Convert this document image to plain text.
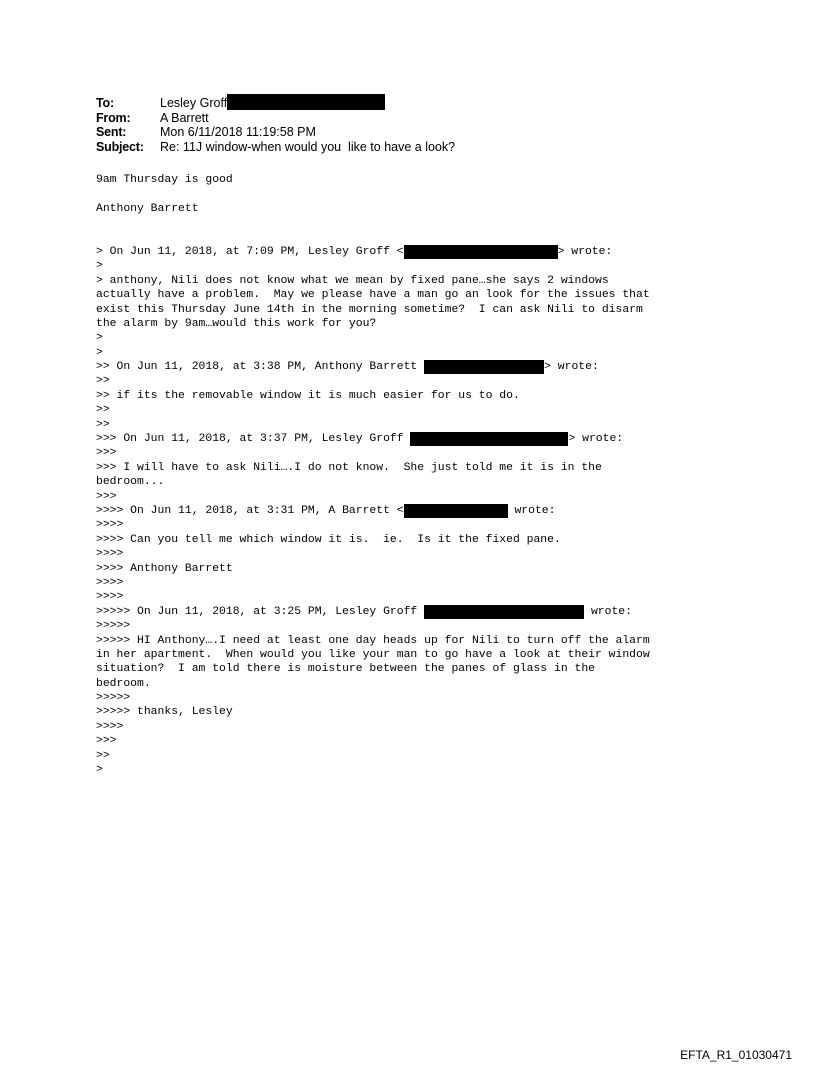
To:	Lesley Groff
From:	A Barrett
Sent:	Mon 6/11/2018 11:19:58 PM
Subject:	Re: 11J window-when would you  like to have a look?
9am Thursday is good
Anthony Barrett
> On Jun 11, 2018, at 7:09 PM, Lesley Groff <	> wrote:
>
> anthony, Nili does not know what we mean by fixed pane…she says 2 windows
actually have a problem.  May we please have a man go an look for the issues that
exist this Thursday June 14th in the morning sometime?  I can ask Nili to disarm
the alarm by 9am…would this work for you?
>
>
>> On Jun 11, 2018, at 3:38 PM, Anthony Barrett	> wrote:
>>
>> if its the removable window it is much easier for us to do.
>>
>>
>>> On Jun 11, 2018, at 3:37 PM, Lesley Groff	> wrote:
>>>
>>> I will have to ask Nili….I do not know.  She just told me it is in the
bedroom...
>>>
>>>> On Jun 11, 2018, at 3:31 PM, A Barrett <	wrote:
>>>>
>>>> Can you tell me which window it is.  ie.  Is it the fixed pane.
>>>>
>>>> Anthony Barrett
>>>>
>>>>
>>>>> On Jun 11, 2018, at 3:25 PM, Lesley Groff	wrote:
>>>>>
>>>>> HI Anthony….I need at least one day heads up for Nili to turn off the alarm
in her apartment.  When would you like your man to go have a look at their window
situation?  I am told there is moisture between the panes of glass in the
bedroom.
>>>>>
>>>>> thanks, Lesley
>>>>
>>>
>>
>
EFTA_R1_01030471
